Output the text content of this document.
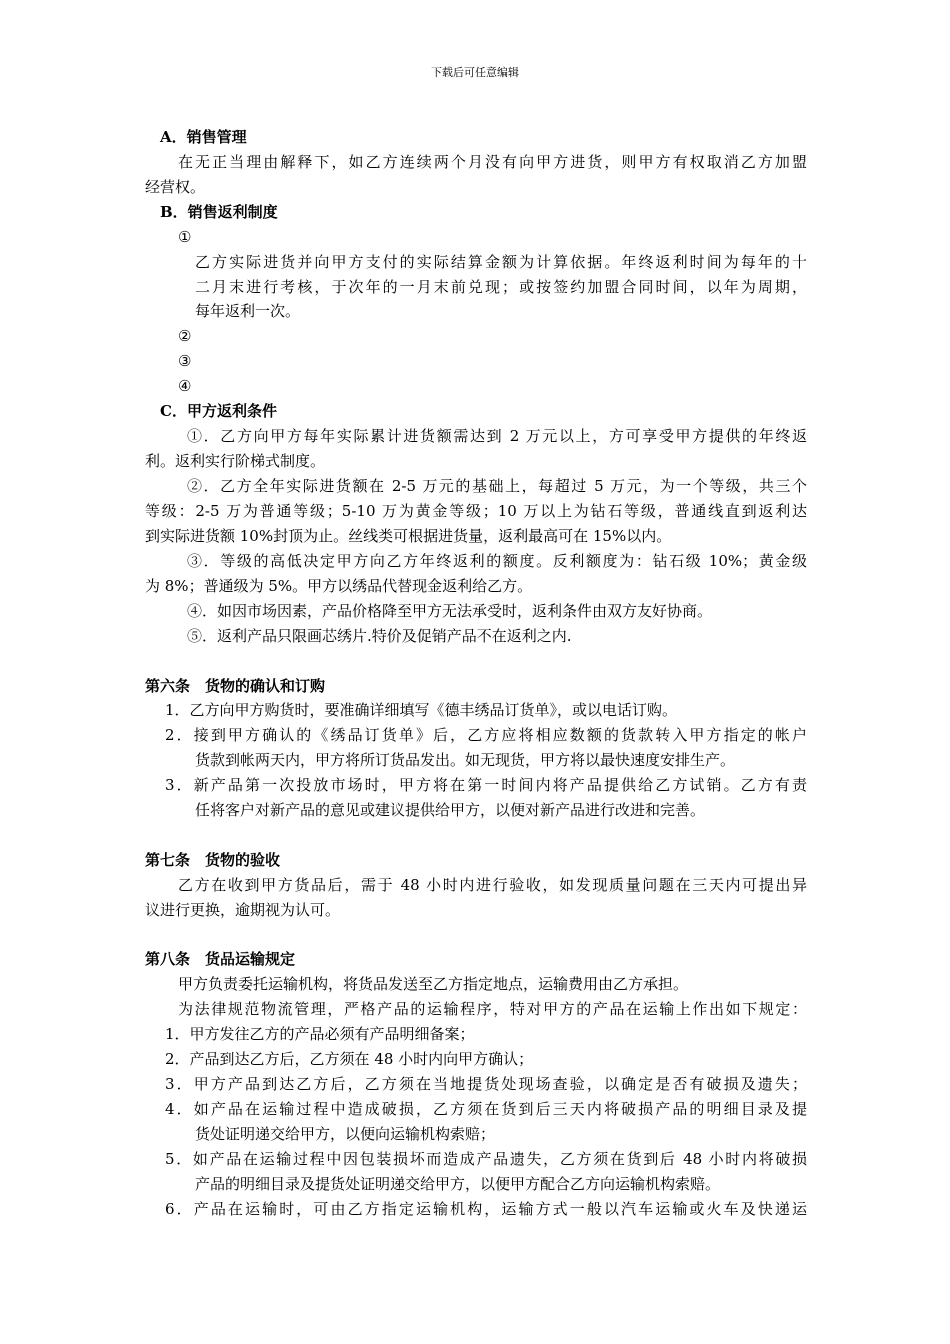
下载后可任意编辑
A．销售管理
在无正当理由解释下，如乙方连续两个月没有向甲方进货，则甲方有权取消乙方加盟
经营权。
B．销售返利制度
①
乙方实际进货并向甲方支付的实际结算金额为计算依据。年终返利时间为每年的十
二月末进行考核，于次年的一月末前兑现；或按签约加盟合同时间，以年为周期，
每年返利一次。
②
③
④
C．甲方返利条件
①．乙方向甲方每年实际累计进货额需达到 2 万元以上，方可享受甲方提供的年终返
利。返利实行阶梯式制度。
②．乙方全年实际进货额在 2-5 万元的基础上，每超过 5 万元，为一个等级，共三个
等级：2-5 万为普通等级；5-10 万为黄金等级；10 万以上为钻石等级，普通线直到返利达
到实际进货额 10%封顶为止。丝线类可根据进货量，返利最高可在 15%以内。
③．等级的高低决定甲方向乙方年终返利的额度。反利额度为：钻石级 10%；黄金级
为 8%；普通级为 5%。甲方以绣品代替现金返利给乙方。
④．如因市场因素，产品价格降至甲方无法承受时，返利条件由双方友好协商。
⑤．返利产品只限画芯绣片.特价及促销产品不在返利之内.
第六条　货物的确认和订购
1．乙方向甲方购货时，要准确详细填写《德丰绣品订货单》，或以电话订购。
2．接到甲方确认的《绣品订货单》后，乙方应将相应数额的货款转入甲方指定的帐户
货款到帐两天内，甲方将所订货品发出。如无现货，甲方将以最快速度安排生产。
3．新产品第一次投放市场时，甲方将在第一时间内将产品提供给乙方试销。乙方有责
任将客户对新产品的意见或建议提供给甲方，以便对新产品进行改进和完善。
第七条　货物的验收
乙方在收到甲方货品后，需于 48 小时内进行验收，如发现质量问题在三天内可提出异
议进行更换，逾期视为认可。
第八条　货品运输规定
甲方负责委托运输机构，将货品发送至乙方指定地点，运输费用由乙方承担。
为法律规范物流管理，严格产品的运输程序，特对甲方的产品在运输上作出如下规定：
1．甲方发往乙方的产品必须有产品明细备案；
2．产品到达乙方后，乙方须在 48 小时内向甲方确认；
3．甲方产品到达乙方后，乙方须在当地提货处现场查验，以确定是否有破损及遗失；
4．如产品在运输过程中造成破损，乙方须在货到后三天内将破损产品的明细目录及提
货处证明递交给甲方，以便向运输机构索赔；
5．如产品在运输过程中因包装损坏而造成产品遗失，乙方须在货到后 48 小时内将破损
产品的明细目录及提货处证明递交给甲方，以便甲方配合乙方向运输机构索赔。
6．产品在运输时，可由乙方指定运输机构，运输方式一般以汽车运输或火车及快递运
